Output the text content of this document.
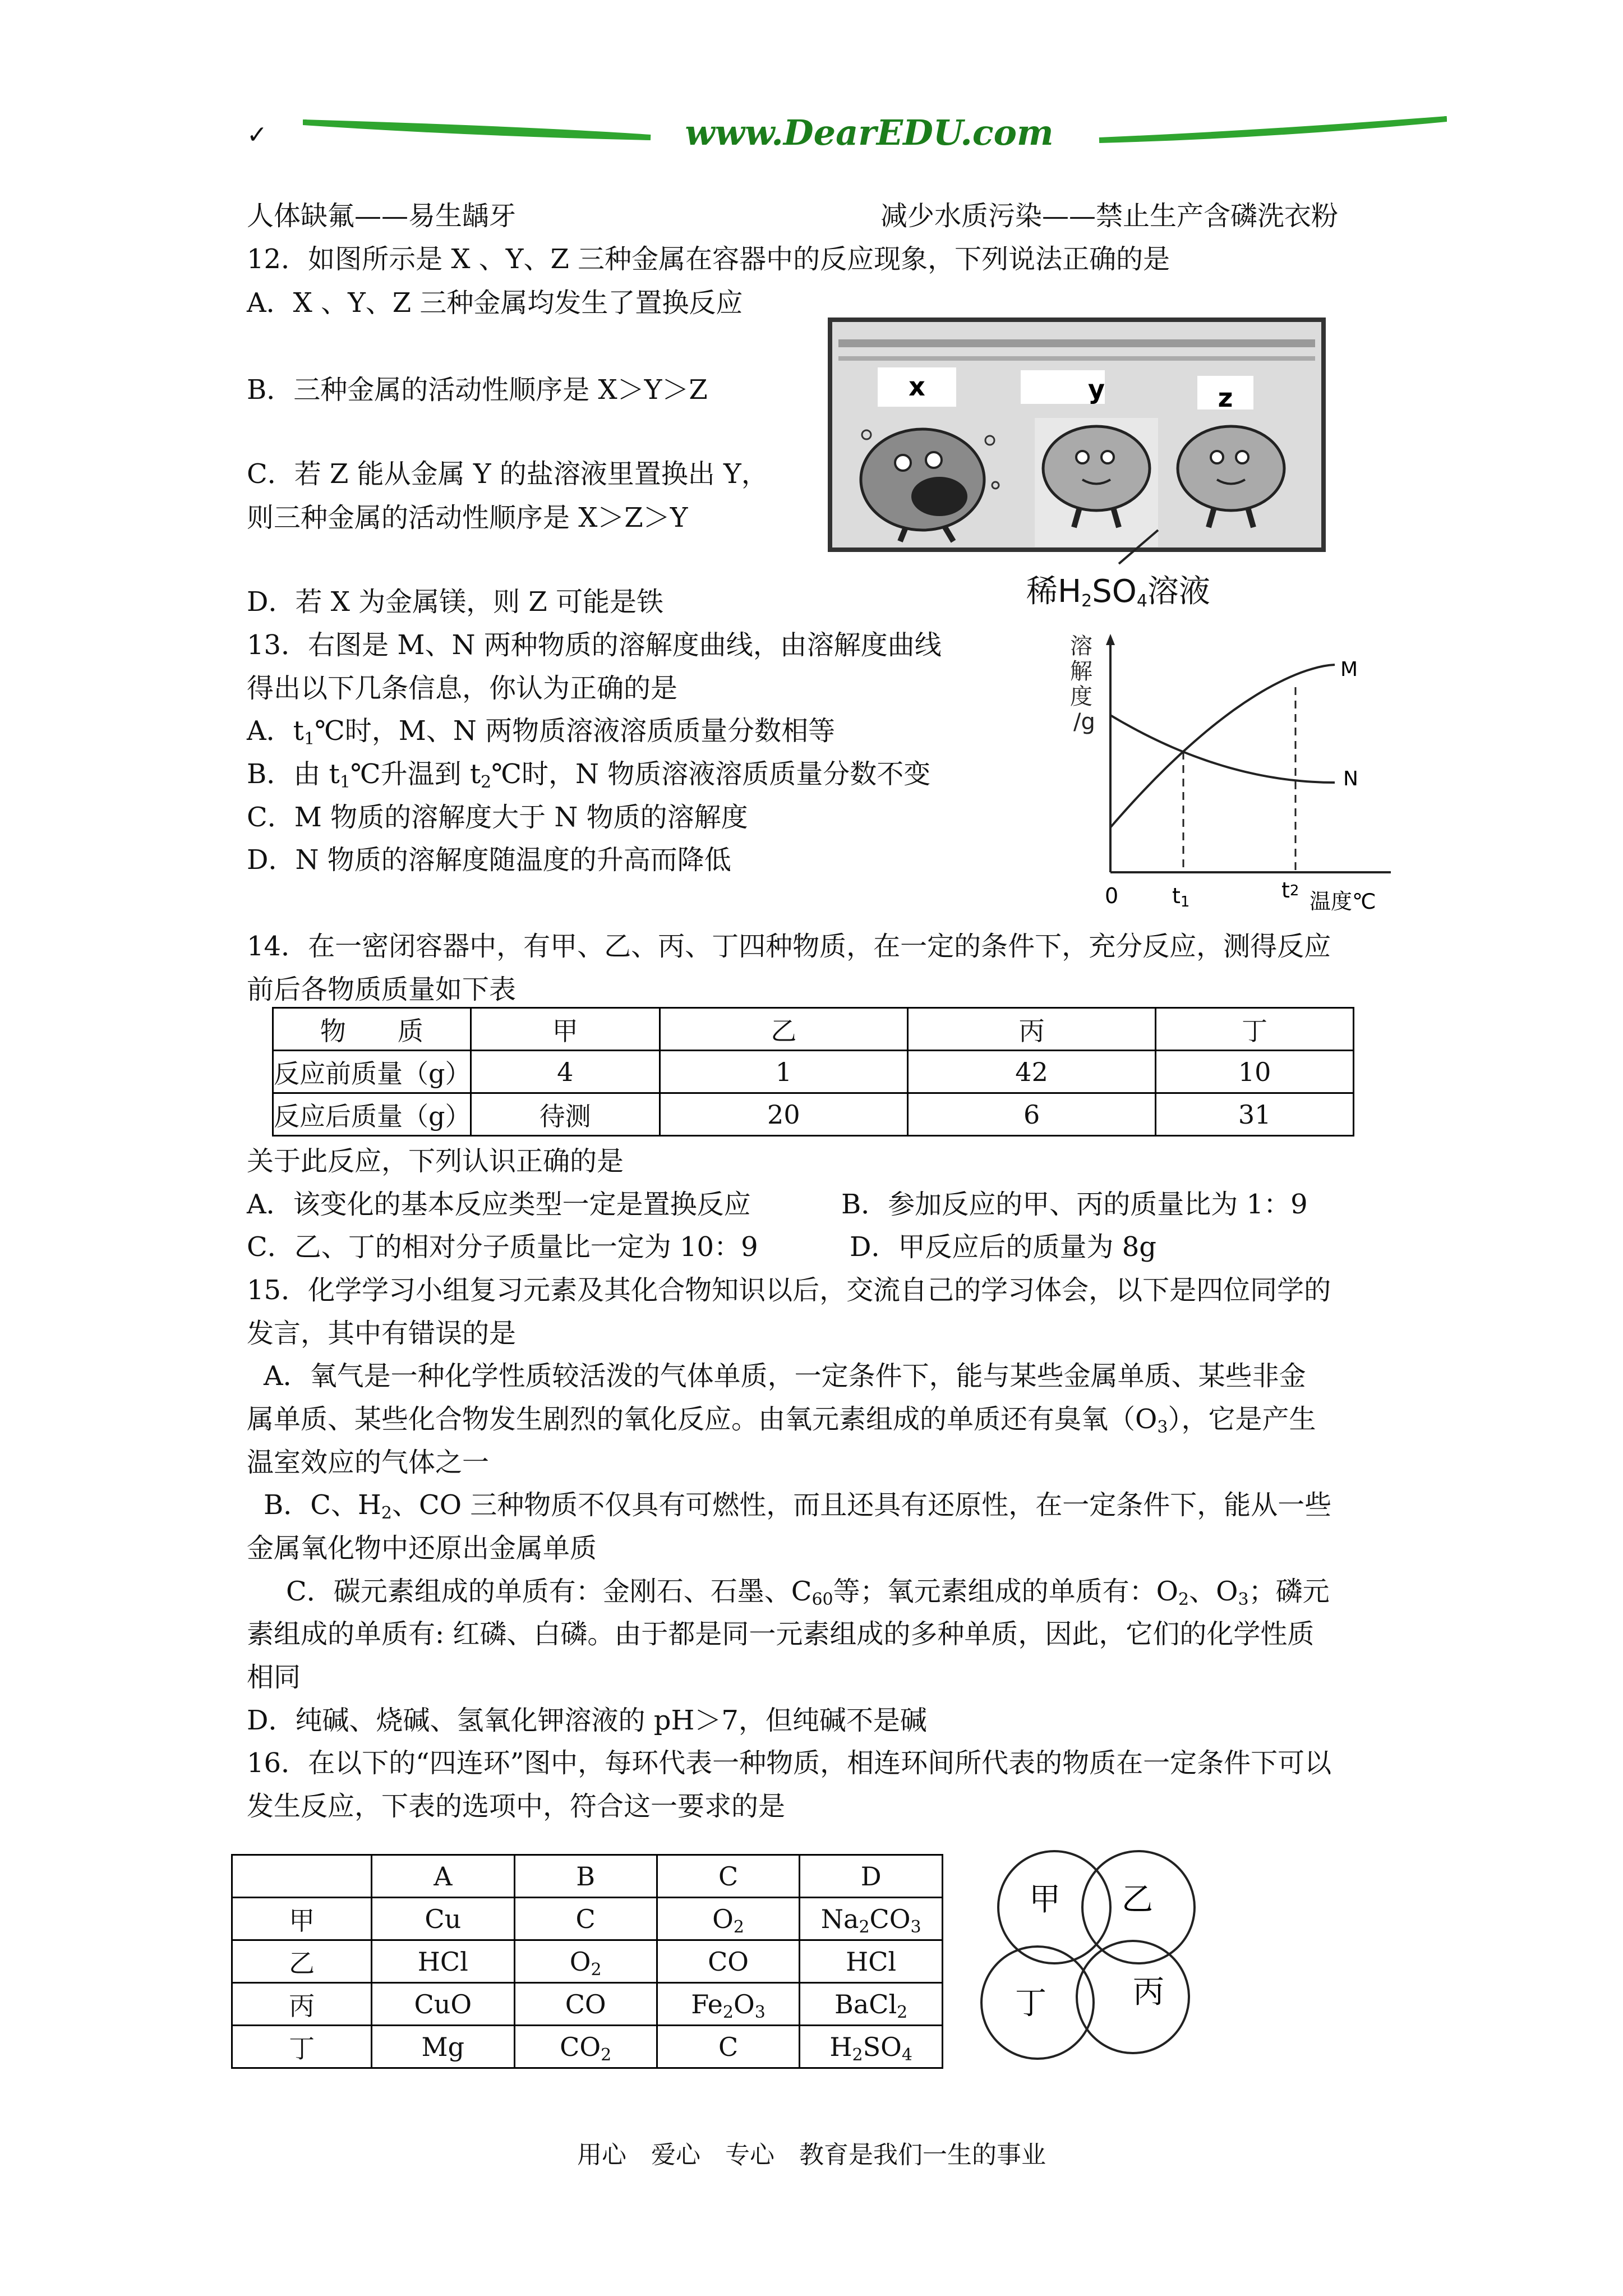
✓	www.DearEDU.com
人体缺氟——易生龋牙	减少水质污染——禁止生产含磷洗衣粉
12．如图所示是 X 、Y、Z 三种金属在容器中的反应现象，下列说法正确的是
A．X 、Y、Z 三种金属均发生了置换反应
B．三种金属的活动性顺序是 X＞Y＞Z
C．若 Z 能从金属 Y 的盐溶液里置换出 Y，
则三种金属的活动性顺序是 X＞Z＞Y
D．若 X 为金属镁，则 Z 可能是铁
x	y	z
稀$H_2SO_4$溶液
13．右图是 M、N 两种物质的溶解度曲线，由溶解度曲线
得出以下几条信息，你认为正确的是
A．$t_1℃$时，M、N 两物质溶液溶质质量分数相等
B．由 $t_1℃$升温到 $t_2℃$时，N 物质溶液溶质质量分数不变
C．M 物质的溶解度大于 N 物质的溶解度
D．N 物质的溶解度随温度的升高而降低
溶
解
度
/g
M
N
0	t1	t2 温度℃
14．在一密闭容器中，有甲、乙、丙、丁四种物质，在一定的条件下，充分反应，测得反应
前后各物质质量如下表
物　　质	甲	乙	丙	丁
反应前质量（g）	4	1	42	10
反应后质量（g）	待测	20	6	31
关于此反应，下列认识正确的是
A．该变化的基本反应类型一定是置换反应	B．参加反应的甲、丙的质量比为 1：9
C．乙、丁的相对分子质量比一定为 10：9	D．甲反应后的质量为 8g
15．化学学习小组复习元素及其化合物知识以后，交流自己的学习体会，以下是四位同学的
发言，其中有错误的是
A．氧气是一种化学性质较活泼的气体单质，一定条件下，能与某些金属单质、某些非金
属单质、某些化合物发生剧烈的氧化反应。由氧元素组成的单质还有臭氧$(O_3)$，它是产生
温室效应的气体之一
B．C、$H_2$、CO 三种物质不仅具有可燃性，而且还具有还原性，在一定条件下，能从一些
金属氧化物中还原出金属单质
C．碳元素组成的单质有：金刚石、石墨、$C_{60}$等；氧元素组成的单质有：$O_2$、$O_3$；磷元
素组成的单质有: 红磷、白磷。由于都是同一元素组成的多种单质，因此，它们的化学性质
相同
D．纯碱、烧碱、氢氧化钾溶液的 pH＞7，但纯碱不是碱
16．在以下的“四连环”图中，每环代表一种物质，相连环间所代表的物质在一定条件下可以
发生反应，下表的选项中，符合这一要求的是
	A	B	C	D
甲	Cu	C	$O_2$	$Na_2CO_3$
乙	HCl	$O_2$	CO	HCl
丙	CuO	CO	$Fe_2O_3$	BaCl$_2$
丁	Mg	$CO_2$	C	$H_2SO_4$
甲 乙
丁	丙
用心　爱心　专心　教育是我们一生的事业
